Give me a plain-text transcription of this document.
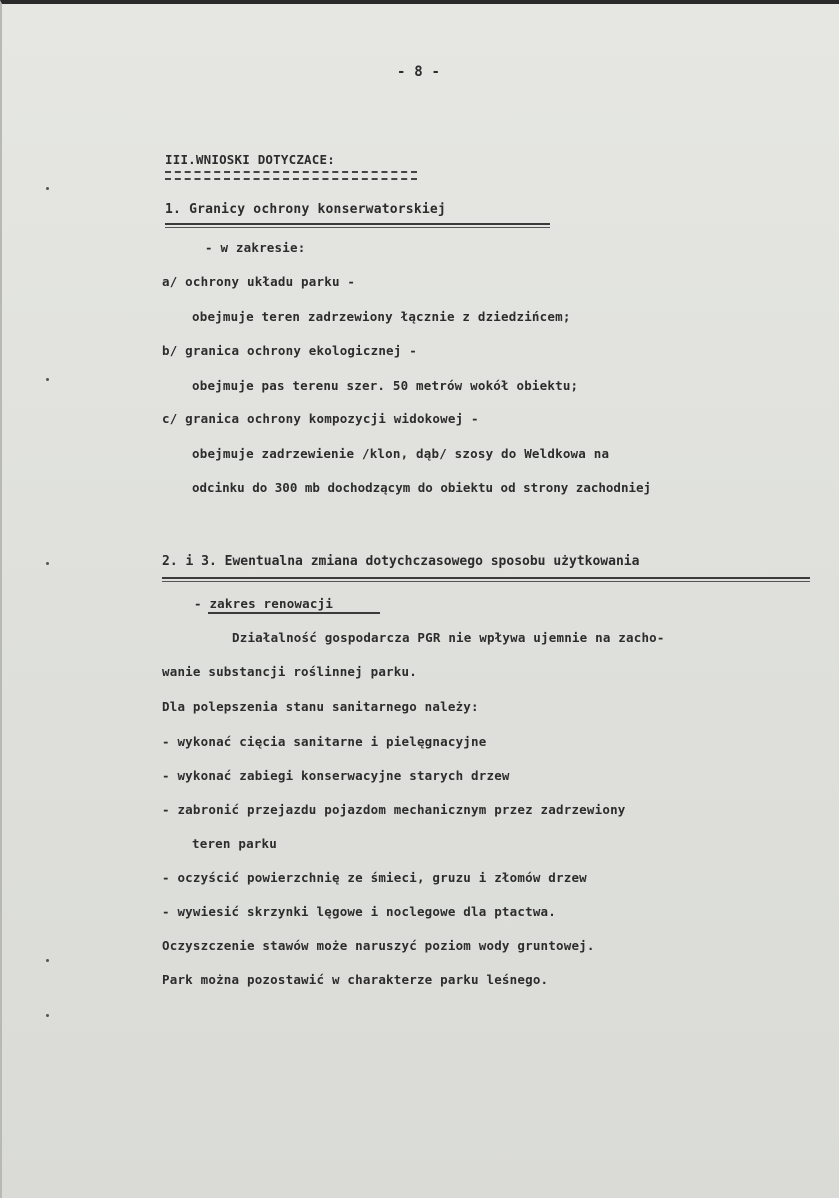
- 8 -
III.WNIOSKI DOTYCZACE:
1. Granicy ochrony konserwatorskiej
- w zakresie:
a/ ochrony układu parku -
obejmuje teren zadrzewiony łącznie z dziedzińcem;
b/ granica ochrony ekologicznej -
obejmuje pas terenu szer. 50 metrów wokół obiektu;
c/ granica ochrony kompozycji widokowej -
obejmuje zadrzewienie /klon, dąb/ szosy do Weldkowa na
odcinku do 300 mb dochodzącym do obiektu od strony zachodniej
2. i 3. Ewentualna zmiana dotychczasowego sposobu użytkowania
- zakres renowacji
Działalność gospodarcza PGR nie wpływa ujemnie na zacho-
wanie substancji roślinnej parku.
Dla polepszenia stanu sanitarnego należy:
- wykonać cięcia sanitarne i pielęgnacyjne
- wykonać zabiegi konserwacyjne starych drzew
- zabronić przejazdu pojazdom mechanicznym przez zadrzewiony
teren parku
- oczyścić powierzchnię ze śmieci, gruzu i złomów drzew
- wywiesić skrzynki lęgowe i noclegowe dla ptactwa.
Oczyszczenie stawów może naruszyć poziom wody gruntowej.
Park można pozostawić w charakterze parku leśnego.
